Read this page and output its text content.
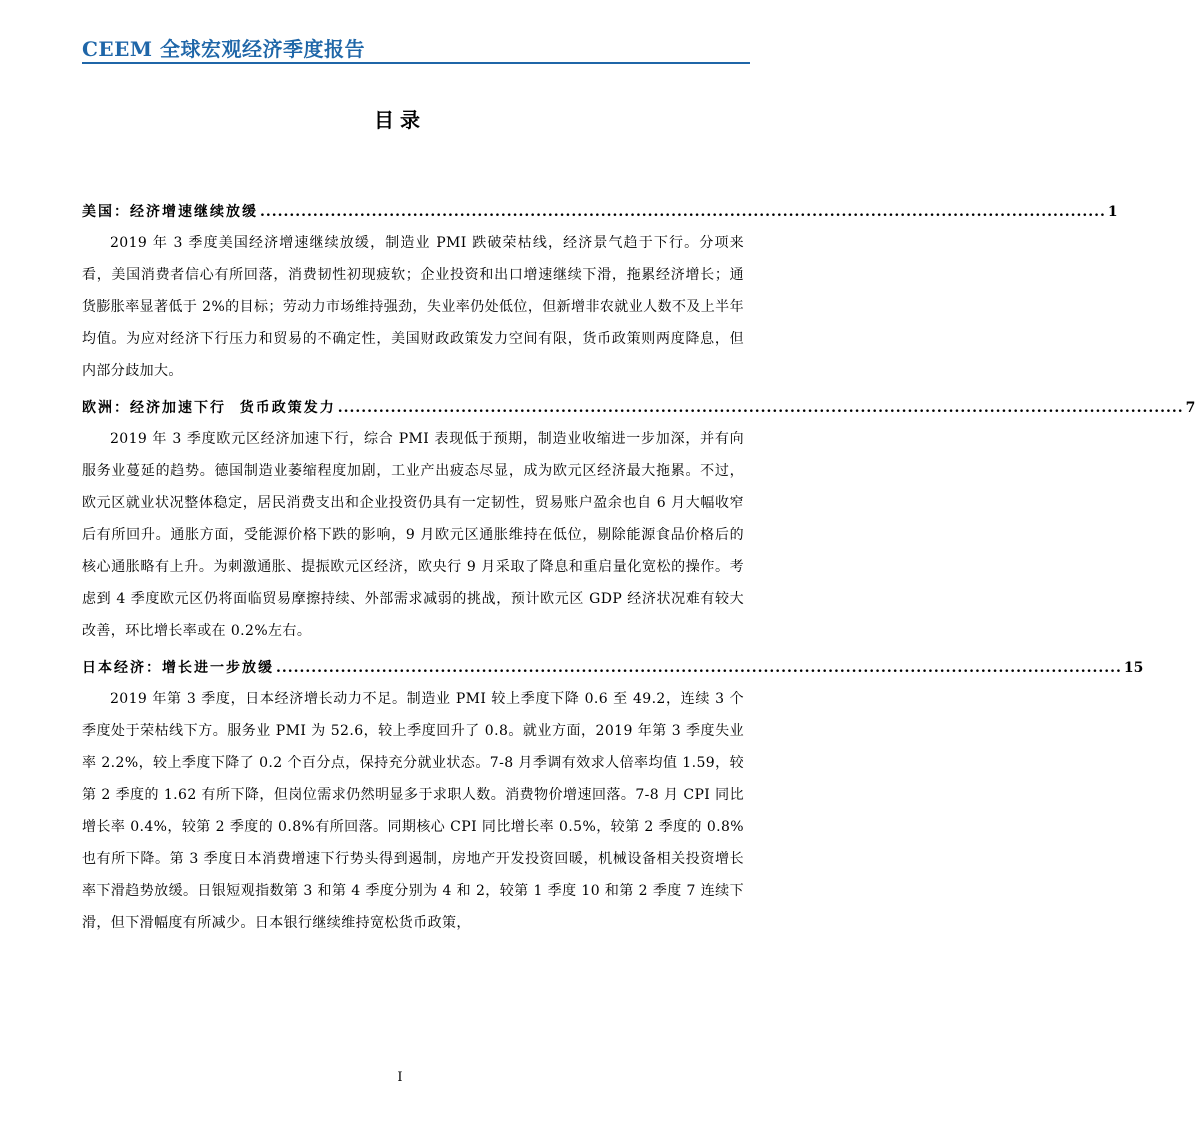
CEEM 全球宏观经济季度报告
目录
美国：经济增速继续放缓 ................................................................................................................................................ 1

2019 年 3 季度美国经济增速继续放缓，制造业 PMI 跌破荣枯线，经济景气趋于下行。分项来看，美国消费者信心有所回落，消费韧性初现疲软；企业投资和出口增速继续下滑，拖累经济增长；通货膨胀率显著低于 2%的目标；劳动力市场维持强劲，失业率仍处低位，但新增非农就业人数不及上半年均值。为应对经济下行压力和贸易的不确定性，美国财政政策发力空间有限，货币政策则两度降息，但内部分歧加大。

欧洲：经济加速下行  货币政策发力 ................................................................................................................................................ 7

2019 年 3 季度欧元区经济加速下行，综合 PMI 表现低于预期，制造业收缩进一步加深，并有向服务业蔓延的趋势。德国制造业萎缩程度加剧，工业产出疲态尽显，成为欧元区经济最大拖累。不过，欧元区就业状况整体稳定，居民消费支出和企业投资仍具有一定韧性，贸易账户盈余也自 6 月大幅收窄后有所回升。通胀方面，受能源价格下跌的影响，9 月欧元区通胀维持在低位，剔除能源食品价格后的核心通胀略有上升。为刺激通胀、提振欧元区经济，欧央行 9 月采取了降息和重启量化宽松的操作。考虑到 4 季度欧元区仍将面临贸易摩擦持续、外部需求减弱的挑战，预计欧元区 GDP 经济状况难有较大改善，环比增长率或在 0.2%左右。

日本经济：增长进一步放缓 ................................................................................................................................................ 15

2019 年第 3 季度，日本经济增长动力不足。制造业 PMI 较上季度下降 0.6 至 49.2，连续 3 个季度处于荣枯线下方。服务业 PMI 为 52.6，较上季度回升了 0.8。就业方面，2019 年第 3 季度失业率 2.2%，较上季度下降了 0.2 个百分点，保持充分就业状态。7-8 月季调有效求人倍率均值 1.59，较第 2 季度的 1.62 有所下降，但岗位需求仍然明显多于求职人数。消费物价增速回落。7-8 月 CPI 同比增长率 0.4%，较第 2 季度的 0.8%有所回落。同期核心 CPI 同比增长率 0.5%，较第 2 季度的 0.8%也有所下降。第 3 季度日本消费增速下行势头得到遏制，房地产开发投资回暖，机械设备相关投资增长率下滑趋势放缓。日银短观指数第 3 和第 4 季度分别为 4 和 2，较第 1 季度 10 和第 2 季度 7 连续下滑，但下滑幅度有所减少。日本银行继续维持宽松货币政策，

I
